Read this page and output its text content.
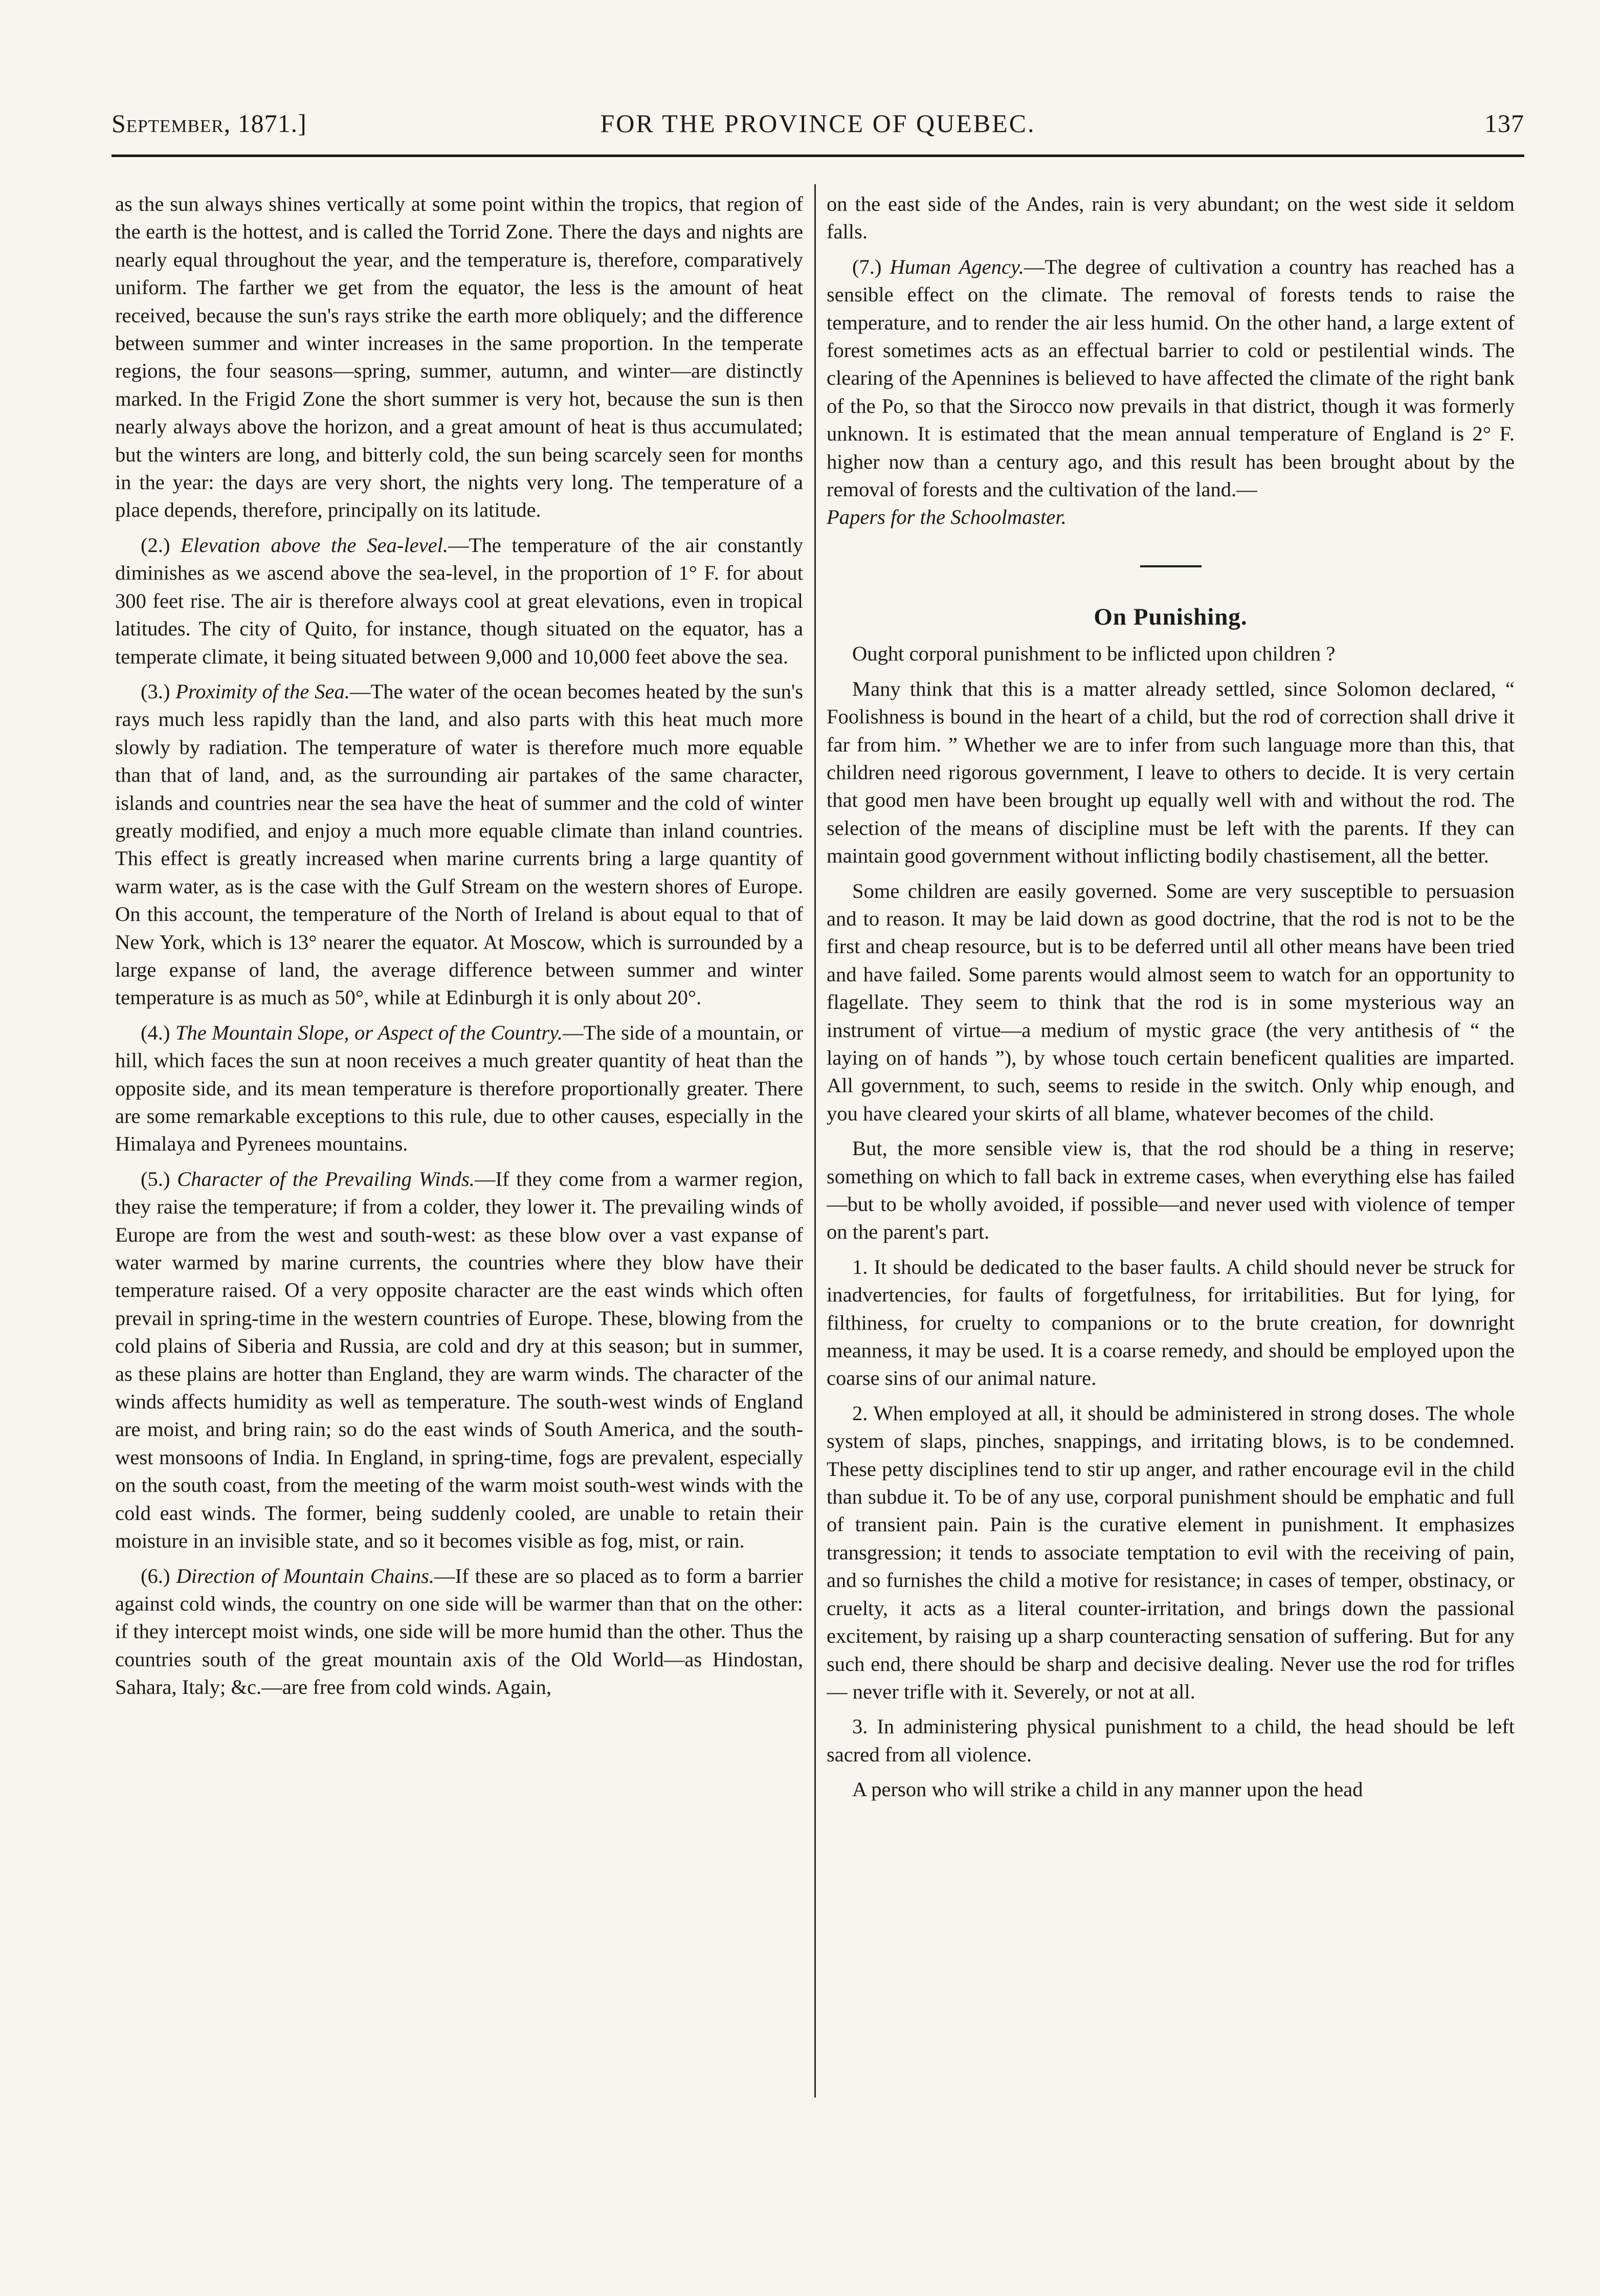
September, 1871.]	FOR THE PROVINCE OF QUEBEC.	137

as the sun always shines vertically at some point within the tropics, that region of the earth is the hottest, and is called the Torrid Zone. There the days and nights are nearly equal throughout the year, and the temperature is, therefore, comparatively uniform. The farther we get from the equator, the less is the amount of heat received, because the sun's rays strike the earth more obliquely; and the difference between summer and winter increases in the same proportion. In the temperate regions, the four seasons—spring, summer, autumn, and winter—are distinctly marked. In the Frigid Zone the short summer is very hot, because the sun is then nearly always above the horizon, and a great amount of heat is thus accumulated; but the winters are long, and bitterly cold, the sun being scarcely seen for months in the year: the days are very short, the nights very long. The temperature of a place depends, therefore, principally on its latitude.

(2.) Elevation above the Sea-level.—The temperature of the air constantly diminishes as we ascend above the sea-level, in the proportion of 1° F. for about 300 feet rise. The air is therefore always cool at great elevations, even in tropical latitudes. The city of Quito, for instance, though situated on the equator, has a temperate climate, it being situated between 9,000 and 10,000 feet above the sea.

(3.) Proximity of the Sea.—The water of the ocean becomes heated by the sun's rays much less rapidly than the land, and also parts with this heat much more slowly by radiation. The temperature of water is therefore much more equable than that of land, and, as the surrounding air partakes of the same character, islands and countries near the sea have the heat of summer and the cold of winter greatly modified, and enjoy a much more equable climate than inland countries. This effect is greatly increased when marine currents bring a large quantity of warm water, as is the case with the Gulf Stream on the western shores of Europe. On this account, the temperature of the North of Ireland is about equal to that of New York, which is 13° nearer the equator. At Moscow, which is surrounded by a large expanse of land, the average difference between summer and winter temperature is as much as 50°, while at Edinburgh it is only about 20°.

(4.) The Mountain Slope, or Aspect of the Country.—The side of a mountain, or hill, which faces the sun at noon receives a much greater quantity of heat than the opposite side, and its mean temperature is therefore proportionally greater. There are some remarkable exceptions to this rule, due to other causes, especially in the Himalaya and Pyrenees mountains.

(5.) Character of the Prevailing Winds.—If they come from a warmer region, they raise the temperature; if from a colder, they lower it. The prevailing winds of Europe are from the west and south-west: as these blow over a vast expanse of water warmed by marine currents, the countries where they blow have their temperature raised. Of a very opposite character are the east winds which often prevail in spring-time in the western countries of Europe. These, blowing from the cold plains of Siberia and Russia, are cold and dry at this season; but in summer, as these plains are hotter than England, they are warm winds. The character of the winds affects humidity as well as temperature. The south-west winds of England are moist, and bring rain; so do the east winds of South America, and the south-west monsoons of India. In England, in spring-time, fogs are prevalent, especially on the south coast, from the meeting of the warm moist south-west winds with the cold east winds. The former, being suddenly cooled, are unable to retain their moisture in an invisible state, and so it becomes visible as fog, mist, or rain.

(6.) Direction of Mountain Chains.—If these are so placed as to form a barrier against cold winds, the country on one side will be warmer than that on the other: if they intercept moist winds, one side will be more humid than the other. Thus the countries south of the great mountain axis of the Old World—as Hindostan, Sahara, Italy; &c.—are free from cold winds. Again,

on the east side of the Andes, rain is very abundant; on the west side it seldom falls.

(7.) Human Agency.—The degree of cultivation a country has reached has a sensible effect on the climate. The removal of forests tends to raise the temperature, and to render the air less humid. On the other hand, a large extent of forest sometimes acts as an effectual barrier to cold or pestilential winds. The clearing of the Apennines is believed to have affected the climate of the right bank of the Po, so that the Sirocco now prevails in that district, though it was formerly unknown. It is estimated that the mean annual temperature of England is 2° F. higher now than a century ago, and this result has been brought about by the removal of forests and the cultivation of the land.—
Papers for the Schoolmaster.

On Punishing.

Ought corporal punishment to be inflicted upon children ?

Many think that this is a matter already settled, since Solomon declared, “ Foolishness is bound in the heart of a child, but the rod of correction shall drive it far from him. ” Whether we are to infer from such language more than this, that children need rigorous government, I leave to others to decide. It is very certain that good men have been brought up equally well with and without the rod. The selection of the means of discipline must be left with the parents. If they can maintain good government without inflicting bodily chastisement, all the better.

Some children are easily governed. Some are very susceptible to persuasion and to reason. It may be laid down as good doctrine, that the rod is not to be the first and cheap resource, but is to be deferred until all other means have been tried and have failed. Some parents would almost seem to watch for an opportunity to flagellate. They seem to think that the rod is in some mysterious way an instrument of virtue—a medium of mystic grace (the very antithesis of “ the laying on of hands ”), by whose touch certain beneficent qualities are imparted. All government, to such, seems to reside in the switch. Only whip enough, and you have cleared your skirts of all blame, whatever becomes of the child.

But, the more sensible view is, that the rod should be a thing in reserve; something on which to fall back in extreme cases, when everything else has failed—but to be wholly avoided, if possible—and never used with violence of temper on the parent's part.

1. It should be dedicated to the baser faults. A child should never be struck for inadvertencies, for faults of forgetfulness, for irritabilities. But for lying, for filthiness, for cruelty to companions or to the brute creation, for downright meanness, it may be used. It is a coarse remedy, and should be employed upon the coarse sins of our animal nature.

2. When employed at all, it should be administered in strong doses. The whole system of slaps, pinches, snappings, and irritating blows, is to be condemned. These petty disciplines tend to stir up anger, and rather encourage evil in the child than subdue it. To be of any use, corporal punishment should be emphatic and full of transient pain. Pain is the curative element in punishment. It emphasizes transgression; it tends to associate temptation to evil with the receiving of pain, and so furnishes the child a motive for resistance; in cases of temper, obstinacy, or cruelty, it acts as a literal counter-irritation, and brings down the passional excitement, by raising up a sharp counteracting sensation of suffering. But for any such end, there should be sharp and decisive dealing. Never use the rod for trifles — never trifle with it. Severely, or not at all.

3. In administering physical punishment to a child, the head should be left sacred from all violence.

A person who will strike a child in any manner upon the head
